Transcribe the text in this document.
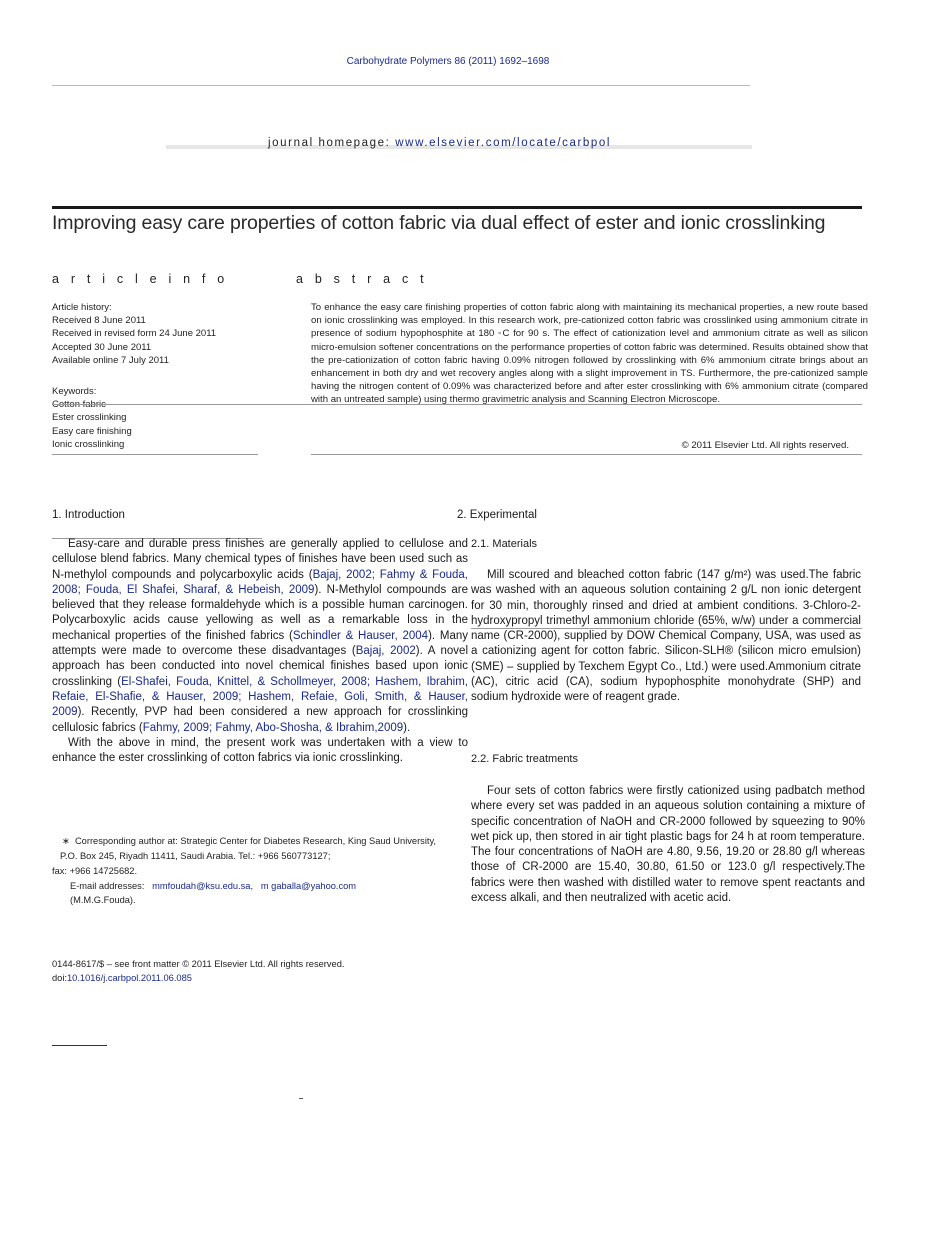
Carbohydrate Polymers 86 (2011) 1692–1698
journal homepage: www.elsevier.com/locate/carbpol
Improving easy care properties of cotton fabric via dual effect of ester and ionic crosslinking
a r t i c l e i n f o	a b s t r a c t
Article history:
Received 8 June 2011
Received in revised form 24 June 2011
Accepted 30 June 2011
Available online 7 July 2011
Keywords:
Ester crosslinking
Easy care finishing
Ionic crosslinking
To enhance the easy care finishing properties of cotton fabric along with maintaining its mechanical properties, a new route based on ionic crosslinking was employed. In this research work, pre-cationized cotton fabric was crosslinked using ammonium citrate in presence of sodium hypophosphite at 180 ◦C for 90 s. The effect of cationization level and ammonium citrate as well as silicon micro-emulsion softener concentrations on the performance properties of cotton fabric was determined. Results obtained show that the pre-cationization of cotton fabric having 0.09% nitrogen followed by crosslinking with 6% ammonium citrate brings about an enhancement in both dry and wet recovery angles along with a slight improvement in TS. Furthermore, the pre-cationized sample having the nitrogen content of 0.09% was characterized before and after ester crosslinking with 6% ammonium citrate (compared with an untreated sample) using thermo gravimetric analysis and Scanning Electron Microscope.
© 2011 Elsevier Ltd. All rights reserved.
1. Introduction

Easy-care and durable press finishes are generally applied to cellulose and cellulose blend fabrics. Many chemical types of finishes have been used such as N-methylol compounds and polycarboxylic acids (Bajaj, 2002; Fahmy & Fouda, 2008; Fouda, El Shafei, Sharaf, & Hebeish, 2009). N-Methylol compounds are believed that they release formaldehyde which is a possible human carcinogen. Polycarboxylic acids cause yellowing as well as a remarkable loss in the mechanical properties of the finished fabrics (Schindler & Hauser, 2004). Many attempts were made to overcome these disadvantages (Bajaj, 2002). A novel approach has been conducted into novel chemical finishes based upon ionic crosslinking (El-Shafei, Fouda, Knittel, & Schollmeyer, 2008; Hashem, Ibrahim, Refaie, El-Shafie, & Hauser, 2009; Hashem, Refaie, Goli, Smith, & Hauser, 2009). Recently, PVP had been considered a new approach for crosslinking cellulosic fabrics (Fahmy, 2009; Fahmy, Abo-Shosha, & Ibrahim,2009).

With the above in mind, the present work was undertaken with a view to enhance the ester crosslinking of cotton fabrics via ionic crosslinking.

2. Experimental
2.1. Materials

Mill scoured and bleached cotton fabric (147 g/m²) was used.The fabric was washed with an aqueous solution containing 2 g/L non ionic detergent for 30 min, thoroughly rinsed and dried at ambient conditions. 3-Chloro-2-hydroxypropyl trimethyl ammonium chloride (65%, w/w) under a commercial name (CR-2000), supplied by DOW Chemical Company, USA, was used as a cationizing agent for cotton fabric. Silicon-SLH® (silicon micro emulsion) (SME) – supplied by Texchem Egypt Co., Ltd.) were used.Ammonium citrate (AC), citric acid (CA), sodium hypophosphite monohydrate (SHP) and sodium hydroxide were of reagent grade.

2.2. Fabric treatments

Four sets of cotton fabrics were firstly cationized using padbatch method where every set was padded in an aqueous solution containing a mixture of specific concentration of NaOH and CR-2000 followed by squeezing to 90% wet pick up, then stored in air tight plastic bags for 24 h at room temperature. The four concentrations of NaOH are 4.80, 9.56, 19.20 or 28.80 g/l whereas those of CR-2000 are 15.40, 30.80, 61.50 or 123.0 g/l respectively.The fabrics were then washed with distilled water to remove spent reactants and excess alkali, and then neutralized with acetic acid.

∗ Corresponding author at: Strategic Center for Diabetes Research, King Saud University,
P.O. Box 245, Riyadh 11411, Saudi Arabia. Tel.: +966 560773127;
fax: +966 14725682.
E-mail addresses: mmfoudah@ksu.edu.sa, m gaballa@yahoo.com
(M.M.G.Fouda).
0144-8617/$ – see front matter © 2011 Elsevier Ltd. All rights reserved.
doi:10.1016/j.carbpol.2011.06.085
